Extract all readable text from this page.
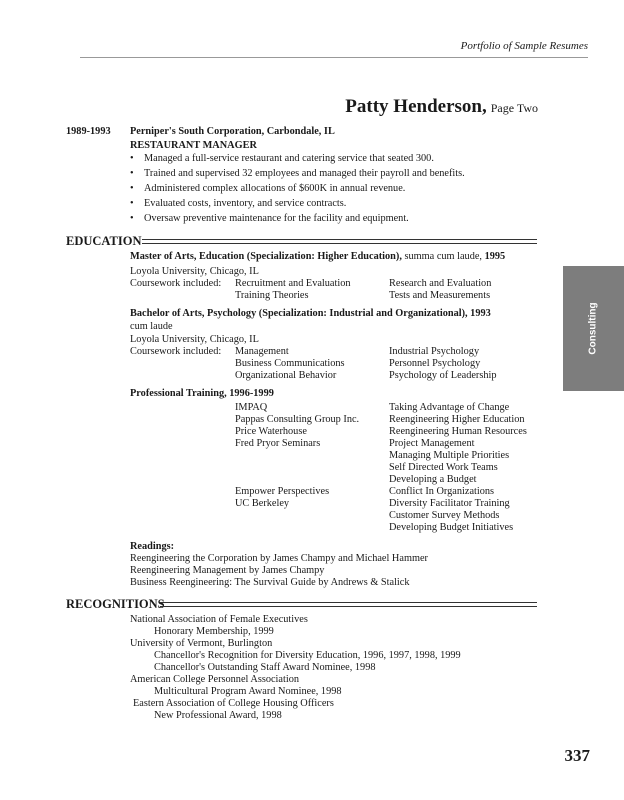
Portfolio of Sample Resumes
Patty Henderson, Page Two
Consulting
1989-1993 Perniper's South Corporation, Carbondale, IL
RESTAURANT MANAGER
• Managed a full-service restaurant and catering service that seated 300.
• Trained and supervised 32 employees and managed their payroll and benefits.
• Administered complex allocations of $600K in annual revenue.
• Evaluated costs, inventory, and service contracts.
• Oversaw preventive maintenance for the facility and equipment.
EDUCATION
Master of Arts, Education (Specialization: Higher Education), summa cum laude, 1995
Loyola University, Chicago, IL
Coursework included: Recruitment and Evaluation
Training Theories
Research and Evaluation
Tests and Measurements
Bachelor of Arts, Psychology (Specialization: Industrial and Organizational), 1993
cum laude
Loyola University, Chicago, IL
Coursework included: Management
Business Communications
Organizational Behavior
Industrial Psychology
Personnel Psychology
Psychology of Leadership
Professional Training, 1996-1999
IMPAQ
Pappas Consulting Group Inc.
Price Waterhouse
Fred Pryor Seminars
Empower Perspectives
UC Berkeley
Taking Advantage of Change
Reengineering Higher Education
Reengineering Human Resources
Project Management
Managing Multiple Priorities
Self Directed Work Teams
Developing a Budget
Conflict In Organizations
Diversity Facilitator Training
Customer Survey Methods
Developing Budget Initiatives
Readings:
Reengineering the Corporation by James Champy and Michael Hammer
Reengineering Management by James Champy
Business Reengineering: The Survival Guide by Andrews & Stalick
RECOGNITIONS
National Association of Female Executives
Honorary Membership, 1999
University of Vermont, Burlington
Chancellor's Recognition for Diversity Education, 1996, 1997, 1998, 1999
Chancellor's Outstanding Staff Award Nominee, 1998
American College Personnel Association
Multicultural Program Award Nominee, 1998
Eastern Association of College Housing Officers
New Professional Award, 1998
337
